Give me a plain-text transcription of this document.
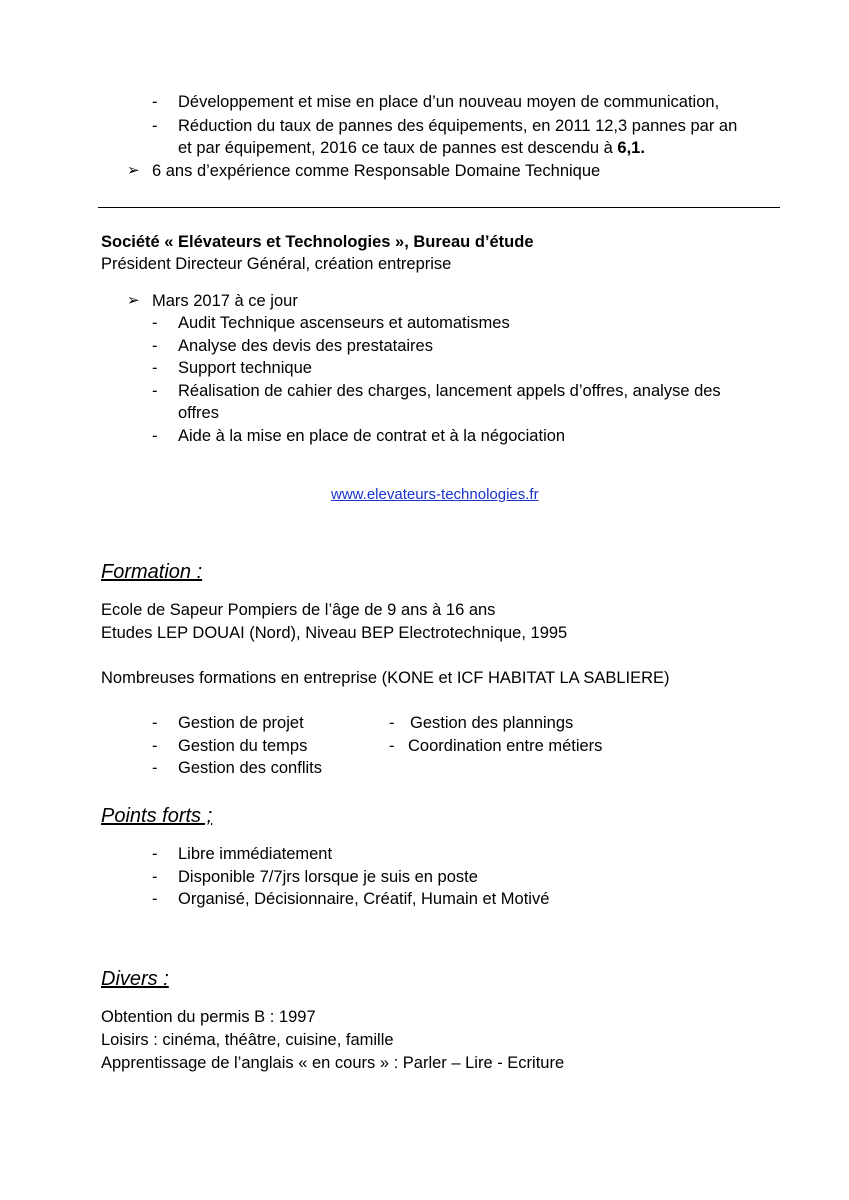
-	Développement et mise en place d’un nouveau moyen de communication,
-	Réduction du taux de pannes des équipements, en 2011 12,3 pannes par an
et par équipement, 2016 ce taux de pannes est descendu à 6,1.
➢ 6 ans d’expérience comme Responsable Domaine Technique
Société « Elévateurs et Technologies », Bureau d’étude
Président Directeur Général, création entreprise
➢ Mars 2017 à ce jour
-	Audit Technique ascenseurs et automatismes
-	Analyse des devis des prestataires
-	Support technique
-	Réalisation de cahier des charges, lancement appels d’offres, analyse des
offres
-	Aide à la mise en place de contrat et à la négociation
www.elevateurs-technologies.fr
Formation :
Ecole de Sapeur Pompiers de l’âge de 9 ans à 16 ans
Etudes LEP DOUAI (Nord), Niveau BEP Electrotechnique, 1995
Nombreuses formations en entreprise (KONE et ICF HABITAT LA SABLIERE)
-	Gestion de projet
-	Gestion du temps
-	Gestion des conflits
- Gestion des plannings
- Coordination entre métiers
Points forts ;
-	Libre immédiatement
-	Disponible 7/7jrs lorsque je suis en poste
-	Organisé, Décisionnaire, Créatif, Humain et Motivé
Divers :
Obtention du permis B : 1997
Loisirs : cinéma, théâtre, cuisine, famille
Apprentissage de l’anglais « en cours » : Parler – Lire - Ecriture
